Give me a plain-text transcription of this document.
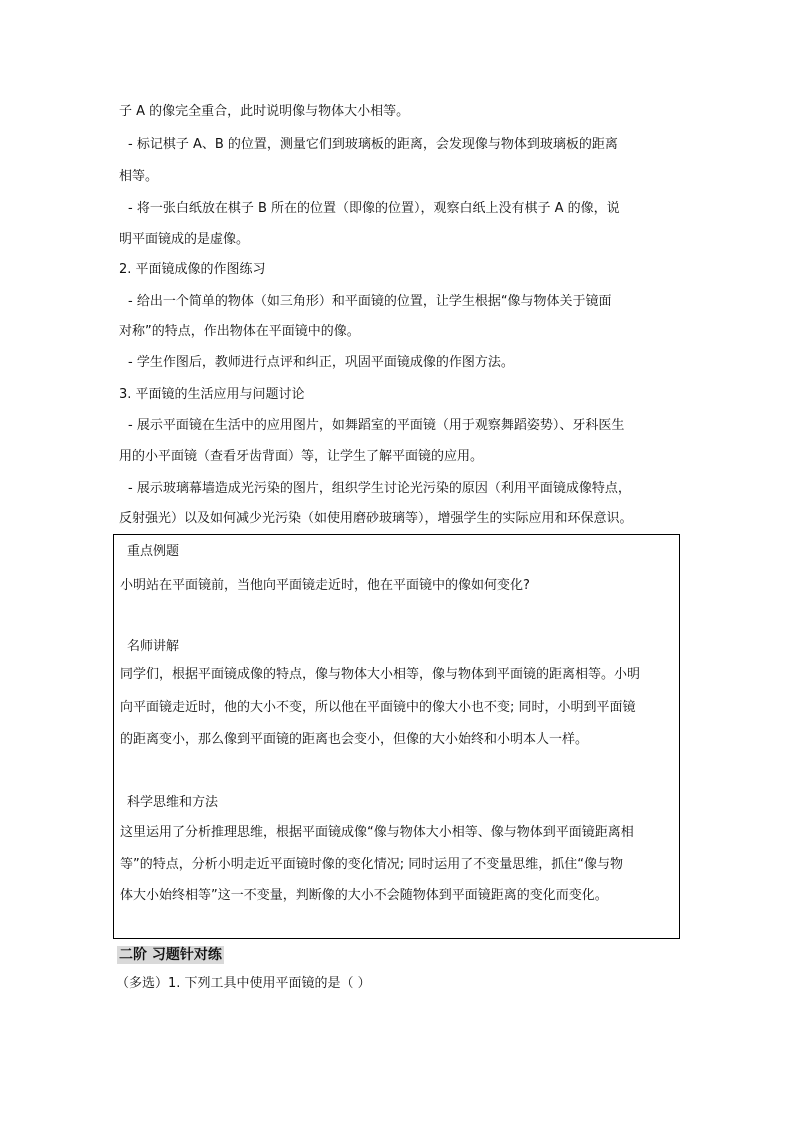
子 A 的像完全重合，此时说明像与物体大小相等。
- 标记棋子 A、B 的位置，测量它们到玻璃板的距离，会发现像与物体到玻璃板的距离
相等。
- 将一张白纸放在棋子 B 所在的位置（即像的位置），观察白纸上没有棋子 A 的像，说
明平面镜成的是虚像。
2. 平面镜成像的作图练习
- 给出一个简单的物体（如三角形）和平面镜的位置，让学生根据“像与物体关于镜面
对称”的特点，作出物体在平面镜中的像。
- 学生作图后，教师进行点评和纠正，巩固平面镜成像的作图方法。
3. 平面镜的生活应用与问题讨论
- 展示平面镜在生活中的应用图片，如舞蹈室的平面镜（用于观察舞蹈姿势）、牙科医生
用的小平面镜（查看牙齿背面）等，让学生了解平面镜的应用。
- 展示玻璃幕墙造成光污染的图片，组织学生讨论光污染的原因（利用平面镜成像特点，
反射强光）以及如何减少光污染（如使用磨砂玻璃等），增强学生的实际应用和环保意识。
重点例题
小明站在平面镜前，当他向平面镜走近时，他在平面镜中的像如何变化?
名师讲解
同学们，根据平面镜成像的特点，像与物体大小相等，像与物体到平面镜的距离相等。小明
向平面镜走近时，他的大小不变，所以他在平面镜中的像大小也不变; 同时，小明到平面镜
的距离变小，那么像到平面镜的距离也会变小，但像的大小始终和小明本人一样。
科学思维和方法
这里运用了分析推理思维，根据平面镜成像“像与物体大小相等、像与物体到平面镜距离相
等”的特点，分析小明走近平面镜时像的变化情况; 同时运用了不变量思维，抓住“像与物
体大小始终相等”这一不变量，判断像的大小不会随物体到平面镜距离的变化而变化。
二阶 习题针对练
（多选）1. 下列工具中使用平面镜的是（ ）
